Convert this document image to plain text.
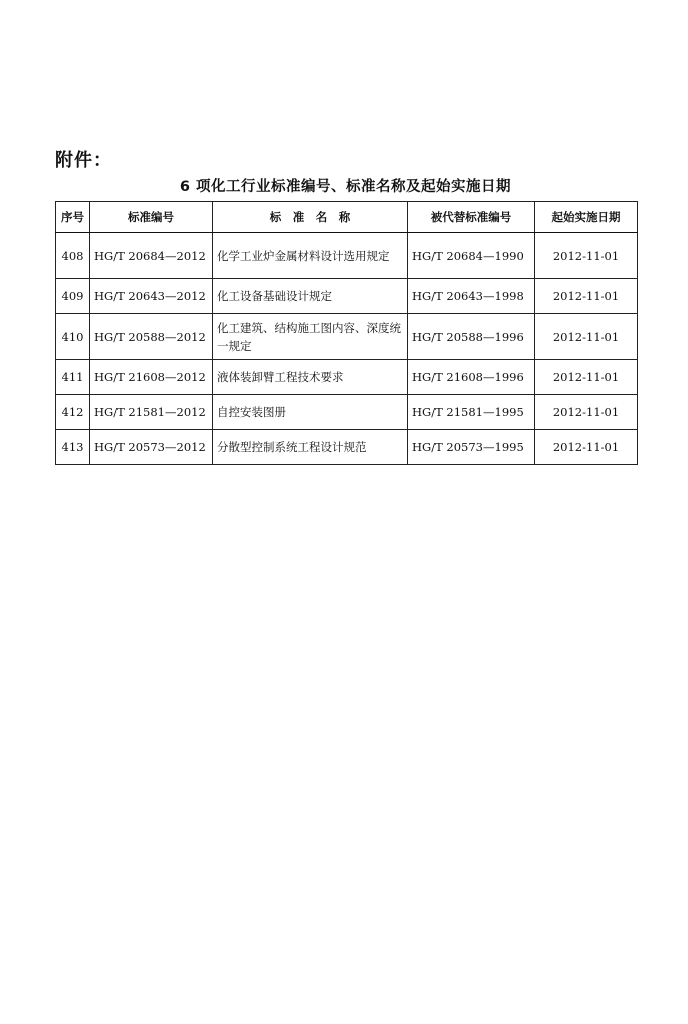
附件：
6 项化工行业标准编号、标准名称及起始实施日期
序号	标准编号	标　准　名　称	被代替标准编号	起始实施日期
408	HG/T 20684—2012	化学工业炉金属材料设计选用规定	HG/T 20684—1990	2012-11-01
409	HG/T 20643—2012	化工设备基础设计规定	HG/T 20643—1998	2012-11-01
410	HG/T 20588—2012	化工建筑、结构施工图内容、深度统一规定	HG/T 20588—1996	2012-11-01
411	HG/T 21608—2012	液体装卸臂工程技术要求	HG/T 21608—1996	2012-11-01
412	HG/T 21581—2012	自控安装图册	HG/T 21581—1995	2012-11-01
413	HG/T 20573—2012	分散型控制系统工程设计规范	HG/T 20573—1995	2012-11-01
